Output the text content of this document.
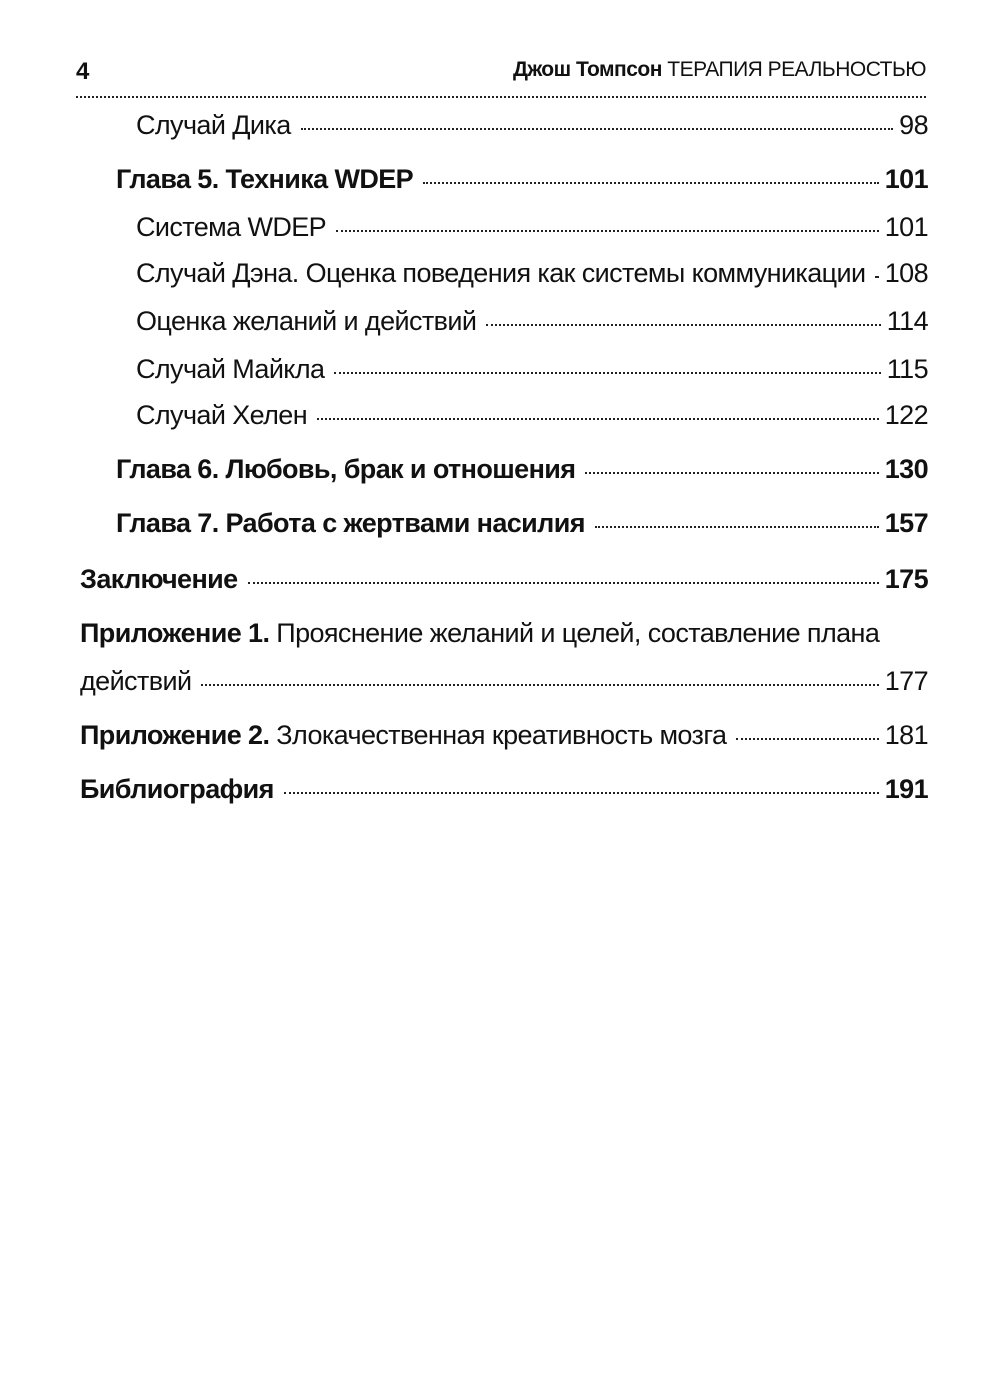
4	Джош Томпсон ТЕРАПИЯ РЕАЛЬНОСТЬЮ
Случай Дика	98
Глава 5. Техника WDEP	101
Система WDEP	101
Случай Дэна. Оценка поведения как системы коммуникации 108
Оценка желаний и действий	114
Случай Майкла	115
Случай Хелен	122
Глава 6. Любовь, брак и отношения	130
Глава 7. Работа с жертвами насилия	157
Заключение	175
Приложение 1. Прояснение желаний и целей, составление плана
действий	177
Приложение 2. Злокачественная креативность мозга	181
Библиография	191
